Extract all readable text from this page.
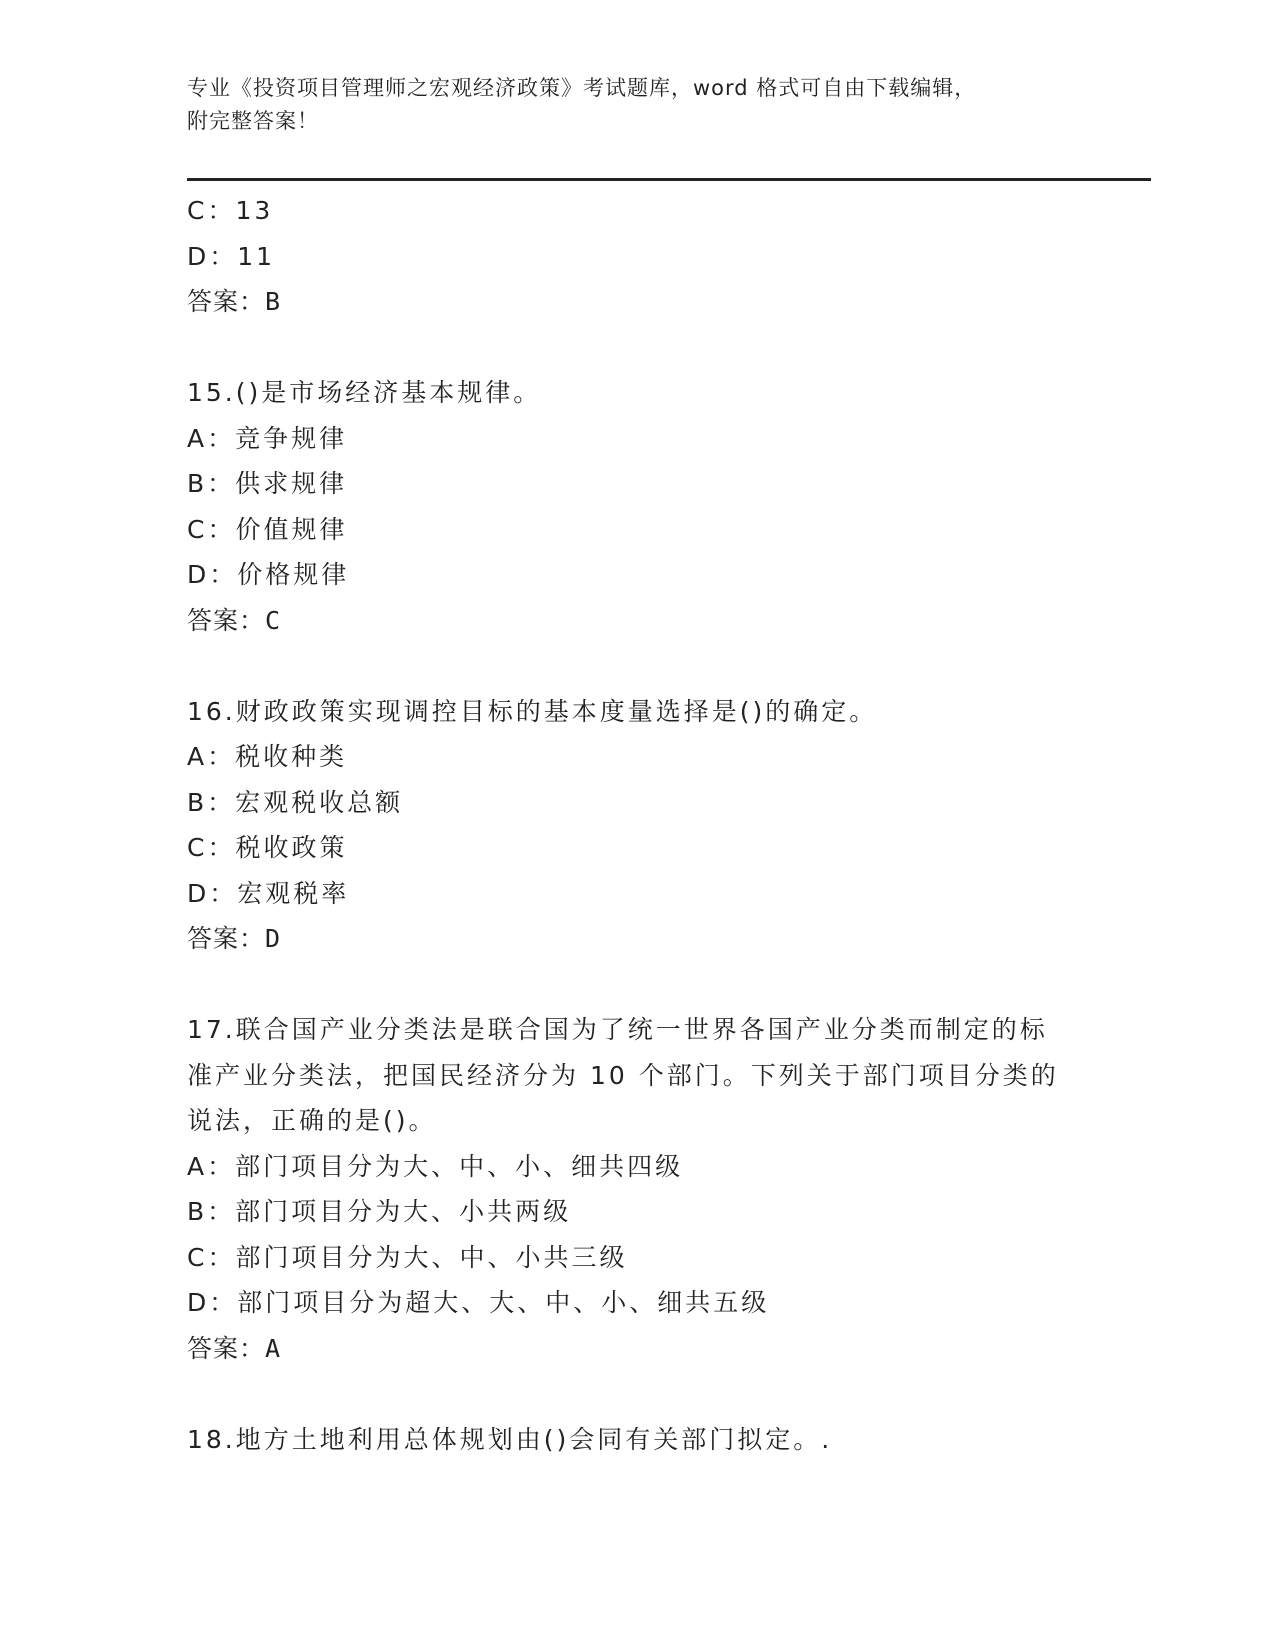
专业《投资项目管理师之宏观经济政策》考试题库，word 格式可自由下载编辑，
附完整答案！
C：13
D：11
答案：B
15.()是市场经济基本规律。
A：竞争规律
B：供求规律
C：价值规律
D：价格规律
答案：C
16.财政政策实现调控目标的基本度量选择是()的确定。
A：税收种类
B：宏观税收总额
C：税收政策
D：宏观税率
答案：D
17.联合国产业分类法是联合国为了统一世界各国产业分类而制定的标
准产业分类法，把国民经济分为 10 个部门。下列关于部门项目分类的
说法，正确的是()。
A：部门项目分为大、中、小、细共四级
B：部门项目分为大、小共两级
C：部门项目分为大、中、小共三级
D：部门项目分为超大、大、中、小、细共五级
答案：A
18.地方土地利用总体规划由()会同有关部门拟定。.
